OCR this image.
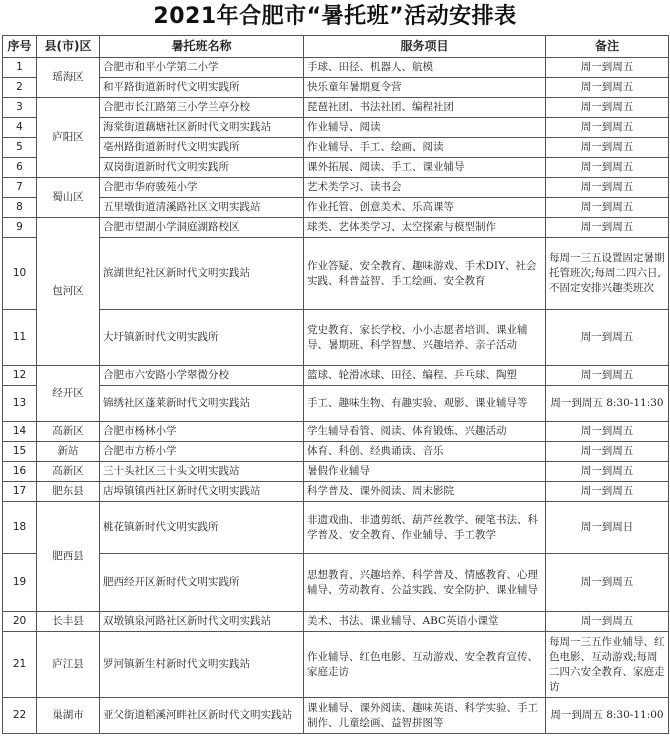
2021年合肥市“暑托班”活动安排表
序号	县(市)区	暑托班名称	服务项目	备注
1	瑶海区	合肥市和平小学第二小学	手球、田径、机器人、航模	周一到周五
2		和平路街道新时代文明实践所	快乐童年暑期夏令营	周一到周五
3	庐阳区	合肥市长江路第三小学兰亭分校	琵琶社团、书法社团、编程社团	周一到周五
4		海棠街道藕塘社区新时代文明实践站	作业辅导、阅读	周一到周五
5		亳州路街道新时代文明实践所	作业辅导、手工、绘画、阅读	周一到周五
6		双岗街道新时代文明实践所	课外拓展、阅读、手工、课业辅导	周一到周五
7	蜀山区	合肥市华府骏苑小学	艺术类学习、读书会	周一到周五
8		五里墩街道清溪路社区文明实践站	作业托管、创意美术、乐高课等	周一到周五
9	包河区	合肥市望湖小学洞庭湖路校区	球类、艺体类学习、太空探索与模型制作	周一到周五
10		滨湖世纪社区新时代文明实践站	作业答疑、安全教育、趣味游戏、手术DIY、社会实践、科普益智、手工绘画、安全教育	每周一三五设置固定暑期托管班次;每周二四六日,不固定安排兴趣类班次
11		大圩镇新时代文明实践所	党史教育、家长学校、小小志愿者培训、课业辅导、暑期班、科学智慧、兴趣培养、亲子活动	周一到周五
12	经开区	合肥市六安路小学翠微分校	篮球、轮滑冰球、田径、编程、乒乓球、陶塑	周一到周五
13		锦绣社区蓬莱新时代文明实践站	手工、趣味生物、有趣实验、观影、课业辅导等	周一到周五 8:30-11:30
14	高新区	合肥市杨林小学	学生辅导看管、阅读、体育锻炼、兴趣活动	周一到周五
15	新站	合肥市方桥小学	体育、科创、经典诵读、音乐	周一到周五
16	高新区	三十头社区三十头文明实践站	暑假作业辅导	周一到周五
17	肥东县	店埠镇镇西社区新时代文明实践站	科学普及、课外阅读、周末影院	周一到周五
18	肥西县	桃花镇新时代文明实践所	非遗戏曲、非遗剪纸、葫芦丝教学、硬笔书法、科学普及、安全教育、作业辅导、手工教学	周一到周日
19		肥西经开区新时代文明实践所	思想教育、兴趣培养、科学普及、情感教育、心理辅导、劳动教育、公益实践、安全防护、课业辅导	周一到周五
20	长丰县	双墩镇泉河路社区新时代文明实践站	美术、书法、课业辅导、ABC英语小课堂	周一到周五
21	庐江县	罗河镇新生村新时代文明实践站	作业辅导、红色电影、互动游戏、安全教育宣传、家庭走访	每周一三五作业辅导、红色电影、互动游戏;每周二四六安全教育、家庭走访
22	巢湖市	亚父街道稻溪河畔社区新时代文明实践站	课业辅导、课外阅读、趣味英语、科学实验、手工制作、儿童绘画、益智拼图等	周一到周五 8:30-11:00
